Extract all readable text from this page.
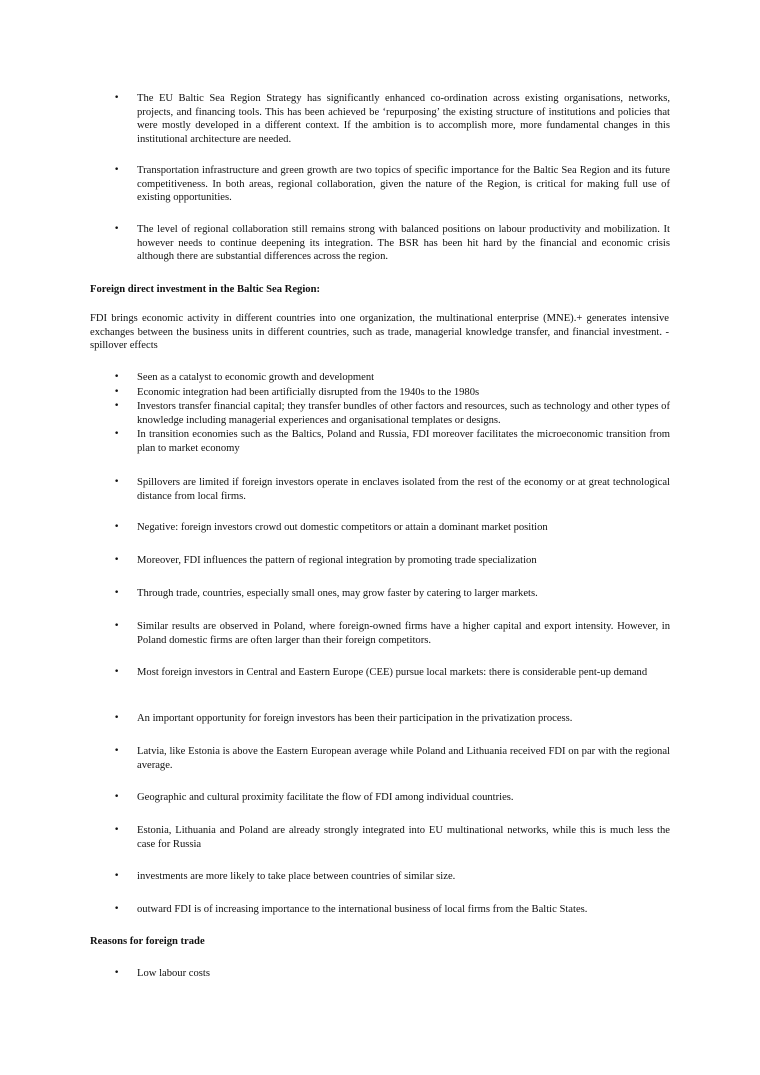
• The EU Baltic Sea Region Strategy has significantly enhanced co-ordination across existing organisations, networks, projects, and financing tools. This has been achieved be ‘repurposing’ the existing structure of institutions and policies that were mostly developed in a different context. If the ambition is to accomplish more, more fundamental changes in this institutional architecture are needed.
• Transportation infrastructure and green growth are two topics of specific importance for the Baltic Sea Region and its future competitiveness. In both areas, regional collaboration, given the nature of the Region, is critical for making full use of existing opportunities.
• The level of regional collaboration still remains strong with balanced positions on labour productivity and mobilization. It however needs to continue deepening its integration. The BSR has been hit hard by the financial and economic crisis although there are substantial differences across the region.
Foreign direct investment in the Baltic Sea Region:
FDI brings economic activity in different countries into one organization, the multinational enterprise (MNE).+ generates intensive exchanges between the business units in different countries, such as trade, managerial knowledge transfer, and financial investment. - spillover effects
• Seen as a catalyst to economic growth and development
• Economic integration had been artificially disrupted from the 1940s to the 1980s
• Investors transfer financial capital; they transfer bundles of other factors and resources, such as technology and other types of knowledge including managerial experiences and organisational templates or designs.
• In transition economies such as the Baltics, Poland and Russia, FDI moreover facilitates the microeconomic transition from plan to market economy
• Spillovers are limited if foreign investors operate in enclaves isolated from the rest of the economy or at great technological distance from local firms.
• Negative: foreign investors crowd out domestic competitors or attain a dominant market position
• Moreover, FDI influences the pattern of regional integration by promoting trade specialization
• Through trade, countries, especially small ones, may grow faster by catering to larger markets.
• Similar results are observed in Poland, where foreign-owned firms have a higher capital and export intensity. However, in Poland domestic firms are often larger than their foreign competitors.
• Most foreign investors in Central and Eastern Europe (CEE) pursue local markets: there is considerable pent-up demand
• An important opportunity for foreign investors has been their participation in the privatization process.
• Latvia, like Estonia is above the Eastern European average while Poland and Lithuania received FDI on par with the regional average.
• Geographic and cultural proximity facilitate the flow of FDI among individual countries.
• Estonia, Lithuania and Poland are already strongly integrated into EU multinational networks, while this is much less the case for Russia
• investments are more likely to take place between countries of similar size.
• outward FDI is of increasing importance to the international business of local firms from the Baltic States.
Reasons for foreign trade
• Low labour costs
